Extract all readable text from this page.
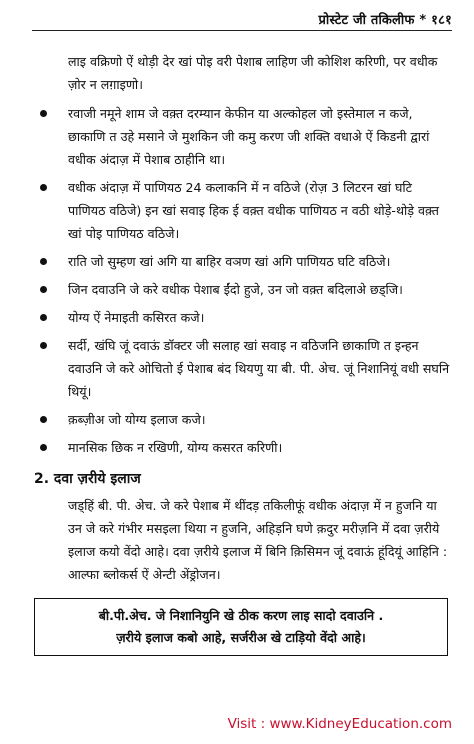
प्रोस्टेट जी तकिलीफ * १८१

लाइ वक्रिणो ऐं थोड़ी देर खां पोइ वरी पेशाब लाहिण जी कोशिश करिणी, पर वधीक ज़ोर न लग़ाइणो।

रवाजी नमूने शाम जे वक़्त दरम्यान केफीन या अल्कोहल जो इस्तेमाल न कजे, छाकाणि त उहे मसाने जे मुशकिन जी कमु करण जी शक्ति वधाअे ऐं किडनी द्वारां वधीक अंदाज़ में पेशाब ठाहीनि था।
वधीक अंदाज़ में पाणियठ 24 कलाकनि में न वठिजे (रोज़ 3 लिटरन खां घटि पाणियठ वठिजे) इन खां सवाइ हिक ई वक़्त वधीक पाणियठ न वठी थोड़े-थोड़े वक़्त खां पोइ पाणियठ वठिजे।
राति जो सुम्हण खां अगि या बाहिर वञण खां अगि पाणियठ घटि वठिजे।
जिन दवाउनि जे करे वधीक पेशाब ईंदो हुजे, उन जो वक़्त बदिलाअे छड्जि।
योग्य ऐं नेमाइती कसिरत कजे।
सर्दी, खंघि जूं दवाऊं डॉक्टर जी सलाह खां सवाइ न वठिजनि छाकाणि त इन्हन दवाउनि जे करे ओचितो ई पेशाब बंद थियणु या बी. पी. अेच. जूं निशानियूं वधी सघनि थियूं।
क़ब्ज़ीअ जो योग्य इलाज कजे।
मानसिक छिक न रखिणी, योग्य कसरत करिणी।
2. दवा ज़रीये इलाज

जड्हिं बी. पी. अेच. जे करे पेशाब में थींदड़ तकिलीफूं वधीक अंदाज़ में न हुजनि या उन जे करे गंभीर मसइला थिया न हुजनि, अहिड़नि घणे क़दुर मरीज़नि में दवा ज़रीये इलाज कयो वेंदो आहे। दवा ज़रीये इलाज में बिनि क़िसिमन जूं दवाऊं हूंदियूं आहिनि : आल्फा ब्लोकर्स ऐं अेन्टी अेंड्रोजन।

बी.पी.अेच. जे निशानियुनि खे ठीक करण लाइ सादो दवाउनि .
ज़रीये इलाज कबो आहे, सर्जरीअ खे टाड़ियो वेंदो आहे।
Visit : www.KidneyEducation.com
